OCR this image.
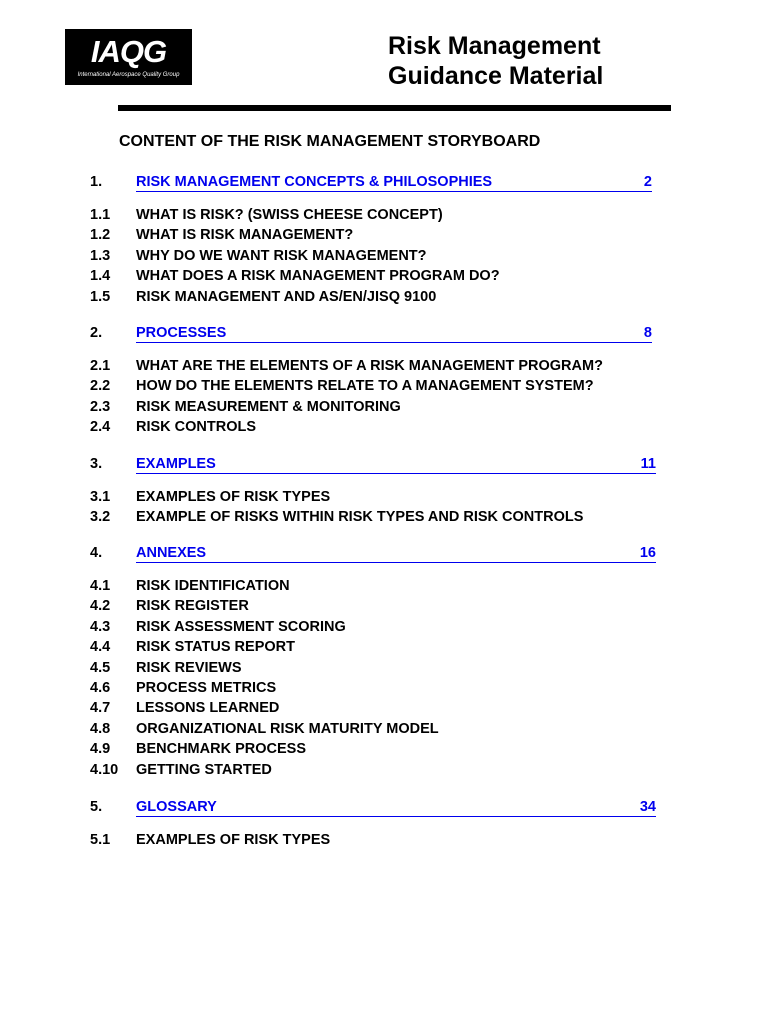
IAQG
International Aerospace Quality Group
Risk Management
Guidance Material
CONTENT OF THE RISK MANAGEMENT STORYBOARD
1.	RISK MANAGEMENT CONCEPTS & PHILOSOPHIES	2
1.1	WHAT IS RISK? (SWISS CHEESE CONCEPT)
1.2	WHAT IS RISK MANAGEMENT?
1.3	WHY DO WE WANT RISK MANAGEMENT?
1.4	WHAT DOES A RISK MANAGEMENT PROGRAM DO?
1.5	RISK MANAGEMENT AND AS/EN/JISQ 9100
2.	PROCESSES	8
2.1	WHAT ARE THE ELEMENTS OF A RISK MANAGEMENT PROGRAM?
2.2	HOW DO THE ELEMENTS RELATE TO A MANAGEMENT SYSTEM?
2.3	RISK MEASUREMENT & MONITORING
2.4	RISK CONTROLS
3.	EXAMPLES	11
3.1	EXAMPLES OF RISK TYPES
3.2	EXAMPLE OF RISKS WITHIN RISK TYPES AND RISK CONTROLS
4.	ANNEXES	16
4.1	RISK IDENTIFICATION
4.2	RISK REGISTER
4.3	RISK ASSESSMENT SCORING
4.4	RISK STATUS REPORT
4.5	RISK REVIEWS
4.6	PROCESS METRICS
4.7	LESSONS LEARNED
4.8	ORGANIZATIONAL RISK MATURITY MODEL
4.9	BENCHMARK PROCESS
4.10	GETTING STARTED
5.	GLOSSARY	34
5.1	EXAMPLES OF RISK TYPES
